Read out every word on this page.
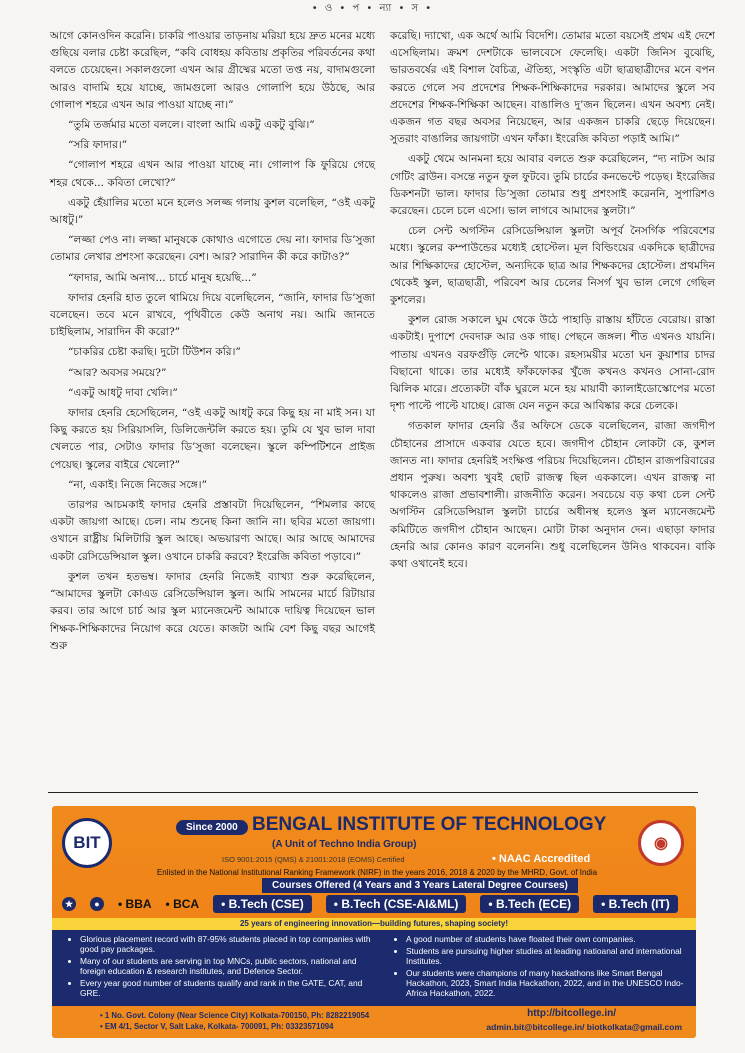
• ও • প • ন্যা • স •

আগে কোনওদিন করেনি। চাকরি পাওয়ার তাড়নায় মরিয়া হয়ে দ্রুত মনের মধ্যে গুছিয়ে বলার চেষ্টা করেছিল, “কবি বোধহয় কবিতায় প্রকৃতির পরিবর্তনের কথা বলতে চেয়েছেন। সকালগুলো এখন আর গ্রীষ্মের মতো তপ্ত নয়, বাদামগুলো আরও বাদামি হয়ে যাচ্ছে, জামগুলো আরও গোলাপি হয়ে উঠছে, আর গোলাপ শহরে এখন আর পাওয়া যাচ্ছে না।”

“তুমি তর্জমার মতো বললে। বাংলা আমি একটু একটু বুঝি।”

“সরি ফাদার।”

“গোলাপ শহরে এখন আর পাওয়া যাচ্ছে না। গোলাপ কি ফুরিয়ে গেছে শহর থেকে... কবিতা লেখো?”

একটু হেঁয়ালির মতো মনে হলেও সলজ্জ গলায় কুশল বলেছিল, “ওই একটু আধটু।”

“লজ্জা পেও না। লজ্জা মানুষকে কোথাও এগোতে দেয় না। ফাদার ডি’সুজা তোমার লেখার প্রশংসা করেছেন। বেশ। আর? সারাদিন কী করে কাটাও?”

“ফাদার, আমি অনাথ... চার্চে মানুষ হয়েছি...”

ফাদার হেনরি হাত তুলে থামিয়ে দিয়ে বলেছিলেন, “জানি, ফাদার ডি’সুজা বলেছেন। তবে মনে রাখবে, পৃথিবীতে কেউ অনাথ নয়। আমি জানতে চাইছিলাম, সারাদিন কী করো?”

“চাকরির চেষ্টা করছি। দুটো টিউশন করি।”

“আর? অবসর সময়ে?”

“একটু আধটু দাবা খেলি।”

ফাদার হেনরি হেসেছিলেন, “ওই একটু আধটু করে কিছু হয় না মাই সন। যা কিছু করতে হয় সিরিয়াসলি, ডিলিজেন্টলি করতে হয়। তুমি যে খুব ভাল দাবা খেলতে পার, সেটাও ফাদার ডি’সুজা বলেছেন। স্কুলে কম্পিটিশনে প্রাইজ পেয়েছ। স্কুলের বাইরে খেলো?”

“না, একাই। নিজে নিজের সঙ্গে।”

তারপর আচমকাই ফাদার হেনরি প্রস্তাবটা দিয়েছিলেন, “শিমলার কাছে একটা জায়গা আছে। চেল। নাম শুনেছ কিনা জানি না। ছবির মতো জায়গা। ওখানে রাষ্ট্রীয় মিলিটারি স্কুল আছে। অভয়ারণ্য আছে। আর আছে আমাদের একটা রেসিডেন্সিয়াল স্কুল। ওখানে চাকরি করবে? ইংরেজি কবিতা পড়াবে।”

কুশল তখন হতভম্ব। ফাদার হেনরি নিজেই ব্যাখ্যা শুরু করেছিলেন, “আমাদের স্কুলটা কোএড রেসিডেন্সিয়াল স্কুল। আমি সামনের মার্চে রিটায়ার করব। তার আগে চার্চ আর স্কুল ম্যানেজমেন্ট আমাকে দায়িত্ব দিয়েছেন ভাল শিক্ষক-শিক্ষিকাদের নিয়োগ করে যেতে। কাজটা আমি বেশ কিছু বছর আগেই শুরু

করেছি। দ্যাখো, এক অর্থে আমি বিদেশি। তোমার মতো বয়সেই প্রথম এই দেশে এসেছিলাম। ক্রমশ দেশটাকে ভালবেসে ফেলেছি। একটা জিনিস বুঝেছি, ভারতবর্ষের এই বিশাল বৈচিত্র, ঐতিহ্য, সংস্কৃতি এটা ছাত্রছাত্রীদের মনে বপন করতে গেলে সব প্রদেশের শিক্ষক-শিক্ষিকাদের দরকার। আমাদের স্কুলে সব প্রদেশের শিক্ষক-শিক্ষিকা আছেন। বাঙালিও দু’জন ছিলেন। এখন অবশ্য নেই। একজন গত বছর অবসর নিয়েছেন, আর একজন চাকরি ছেড়ে দিয়েছেন। সুতরাং বাঙালির জায়গাটা এখন ফাঁকা। ইংরেজি কবিতা পড়াই আমি।”

একটু থেমে আনমনা হয়ে আবার বলতে শুরু করেছিলেন, “দ্য নাটস আর গেটিং ব্রাউন। বসন্তে নতুন ফুল ফুটবে। তুমি চার্চের কনভেন্টে পড়েছ। ইংরেজির ডিকশনটা ভাল। ফাদার ডি’সুজা তোমার শুধু প্রশংসাই করেননি, সুপারিশও করেছেন। চেলে চলে এসো। ভাল লাগবে আমাদের স্কুলটা।”

চেল সেন্ট অগস্টিন রেসিডেন্সিয়াল স্কুলটা অপূর্ব নৈসর্গিক পরিবেশের মধ্যে। স্কুলের কম্পাউন্ডের মধ্যেই হোস্টেল। মূল বিল্ডিংয়ের একদিকে ছাত্রীদের আর শিক্ষিকাদের হোস্টেল, অন্যদিকে ছাত্র আর শিক্ষকদের হোস্টেল। প্রথমদিন থেকেই স্কুল, ছাত্রছাত্রী, পরিবেশ আর চেলের নিসর্গ খুব ভাল লেগে গেছিল কুশলের।

কুশল রোজ সকালে ঘুম থেকে উঠে পাহাড়ি রাস্তায় হাঁটতে বেরোয়। রাস্তা একটাই। দুপাশে দেবদারু আর ওক গাছ। পেছনে জঙ্গল। শীত এখনও যায়নি। পাতায় এখনও বরফগুঁড়ি লেপ্টে থাকে। রহস্যময়ীর মতো ঘন কুয়াশার চাদর বিছানো থাকে। তার মধ্যেই ফাঁকফোকর খুঁজে কখনও কখনও সোনা-রোদ ঝিলিক মারে। প্রত্যেকটা বাঁক ঘুরলে মনে হয় মায়াবী ক্যালাইডোস্কোপের মতো দৃশ্য পাল্টে পাল্টে যাচ্ছে। রোজ যেন নতুন করে আবিষ্কার করে চেলকে।

গতকাল ফাদার হেনরি ওঁর অফিসে ডেকে বলেছিলেন, রাজা জগদীপ চৌহানের প্রাসাদে একবার যেতে হবে। জগদীপ চৌহান লোকটা কে, কুশল জানত না। ফাদার হেনরিই সংক্ষিপ্ত পরিচয় দিয়েছিলেন। চৌহান রাজপরিবারের প্রধান পুরুষ। অবশ্য খুবই ছোট রাজত্ব ছিল এককালে। এখন রাজত্ব না থাকলেও রাজা প্রভাবশালী। রাজনীতি করেন। সবচেয়ে বড় কথা চেল সেন্ট অগস্টিন রেসিডেন্সিয়াল স্কুলটা চার্চের অধীনস্থ হলেও স্কুল ম্যানেজমেন্ট কমিটিতে জগদীপ চৌহান আছেন। মোটা টাকা অনুদান দেন। এছাড়া ফাদার হেনরি আর কোনও কারণ বলেননি। শুধু বলেছিলেন উনিও থাকবেন। বাকি কথা ওখানেই হবে।

BIT
Since 2000 BENGAL INSTITUTE OF TECHNOLOGY
(A Unit of Techno India Group)
ISO 9001:2015 (QMS) & 21001:2018 (EOMS) Certified
•	NAAC Accredited
Enlisted in the National Institutional Ranking Framework (NIRF) in the years 2016, 2018 & 2020 by the MHRD, Govt. of India
◉
Courses Offered (4 Years and 3 Years Lateral Degree Courses)
★	●	• BBA • BCA	• B.Tech (CSE)	• B.Tech (CSE-AI&ML)	• B.Tech (ECE)	• B.Tech (IT)
25 years of engineering innovation—building futures, shaping society!
• Glorious placement record with 87-95% students placed in top companies with good pay packages.
• Many of our students are serving in top MNCs, public sectors, national and foreign education & research institutes, and Defence Sector.
• Every year good number of students qualify and rank in the GATE, CAT, and GRE.
• A good number of students have floated their own companies.
• Students are pursuing higher studies at leading natioanal and international Institutes.
• Our students were champions of many hackathons like Smart Bengal Hackathon, 2023, Smart India Hackathon, 2022, and in the UNESCO Indo-Africa Hackathon, 2022.
• 1 No. Govt. Colony (Near Science City) Kolkata-700150, Ph: 8282219054
• EM 4/1, Sector V, Salt Lake, Kolkata- 700091, Ph: 03323571094
http://bitcollege.in/
admin.bit@bitcollege.in/ biotkolkata@gmail.com
